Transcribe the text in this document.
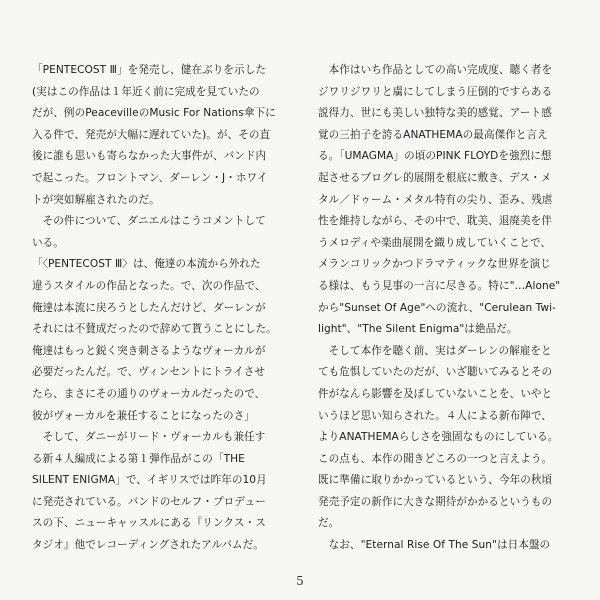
「PENTECOST Ⅲ」を発売し、健在ぶりを示した
(実はこの作品は１年近く前に完成を見ていたの
だが、例のPeacevilleのMusic For Nations傘下に
入る件で、発売が大幅に遅れていた)。が、その直
後に誰も思いも寄らなかった大事件が、バンド内
で起こった。フロントマン、ダーレン・J・ホワイ
トが突如解雇されたのだ。
　その件について、ダニエルはこうコメントして
いる。
「〈PENTECOST Ⅲ〉は、俺達の本流から外れた
違うスタイルの作品となった。で、次の作品で、
俺達は本流に戻ろうとしたんだけど、ダーレンが
それには不賛成だったので辞めて貰うことにした。
俺達はもっと鋭く突き刺さるようなヴォーカルが
必要だったんだ。で、ヴィンセントにトライさせ
たら、まさにその通りのヴォーカルだったので、
彼がヴォーカルを兼任することになったのさ」
　そして、ダニーがリード・ヴォーカルも兼任す
る新４人編成による第１弾作品がこの「THE
SILENT ENIGMA」で、イギリスでは昨年の10月
に発売されている。バンドのセルフ・プロデュー
スの下、ニューキャッスルにある『リンクス・ス
タジオ』他でレコーディングされたアルバムだ。
　本作はいち作品としての高い完成度、聴く者を
ジワリジワリと虜にしてしまう圧倒的ですらある
説得力、世にも美しい独特な美的感覚、アート感
覚の三拍子を誇るANATHEMAの最高傑作と言え
る。「UMAGMA」の頃のPINK FLOYDを強烈に想
起させるプログレ的展開を根底に敷き、デス・メ
タル／ドゥーム・メタル特有の尖り、歪み、残虐
性を維持しながら、その中で、耽美、退廃美を伴
うメロディや楽曲展開を織り成していくことで、
メランコリックかつドラマティックな世界を演じ
る様は、もう見事の一言に尽きる。特に"…Alone"
から"Sunset Of Age"への流れ、"Cerulean Twi-
light"、"The Silent Enigma"は絶品だ。
　そして本作を聴く前、実はダーレンの解雇をと
ても危惧していたのだが、いざ聴いてみるとその
件がなんら影響を及ぼしていないことを、いやと
いうほど思い知らされた。４人による新布陣で、
よりANATHEMAらしさを強固なものにしている。
この点も、本作の聞きどころの一つと言えよう。
既に準備に取りかかっているという、今年の秋頃
発売予定の新作に大きな期待がかかるというもの
だ。
　なお、"Eternal Rise Of The Sun"は日本盤の
5
